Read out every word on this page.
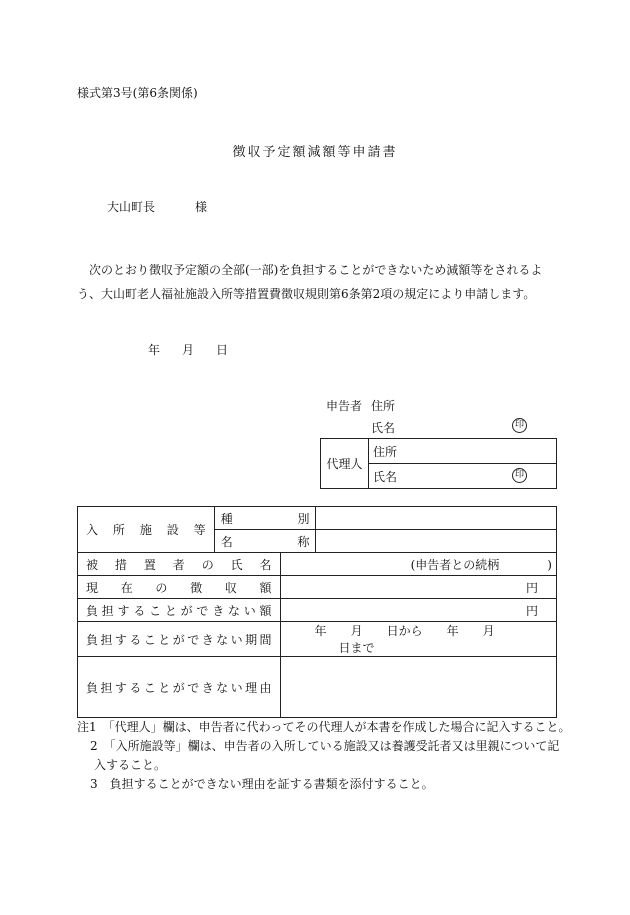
様式第3号(第6条関係)
徴収予定額減額等申請書
大山町長	様
次のとおり徴収予定額の全部(一部)を負担することができないため減額等をされるよう、大山町老人福祉施設入所等措置費徴収規則第6条第2項の規定により申請します。
年 月 日
申告者 住所
氏名	印
代理人	住所
氏名	印
入所施設等	種別		
	名称		
被措置者の氏名		(申告者との続柄　　　　)	
現在の徴収額		円	
負担することができない額		円	
負担することができない期間		年 月 日から 年 月日まで	
負担することができない理由			
注1　「代理人」欄は、申告者に代わってその代理人が本書を作成した場合に記入すること。
2　「入所施設等」欄は、申告者の入所している施設又は養護受託者又は里親について記
入すること。
3　負担することができない理由を証する書類を添付すること。
